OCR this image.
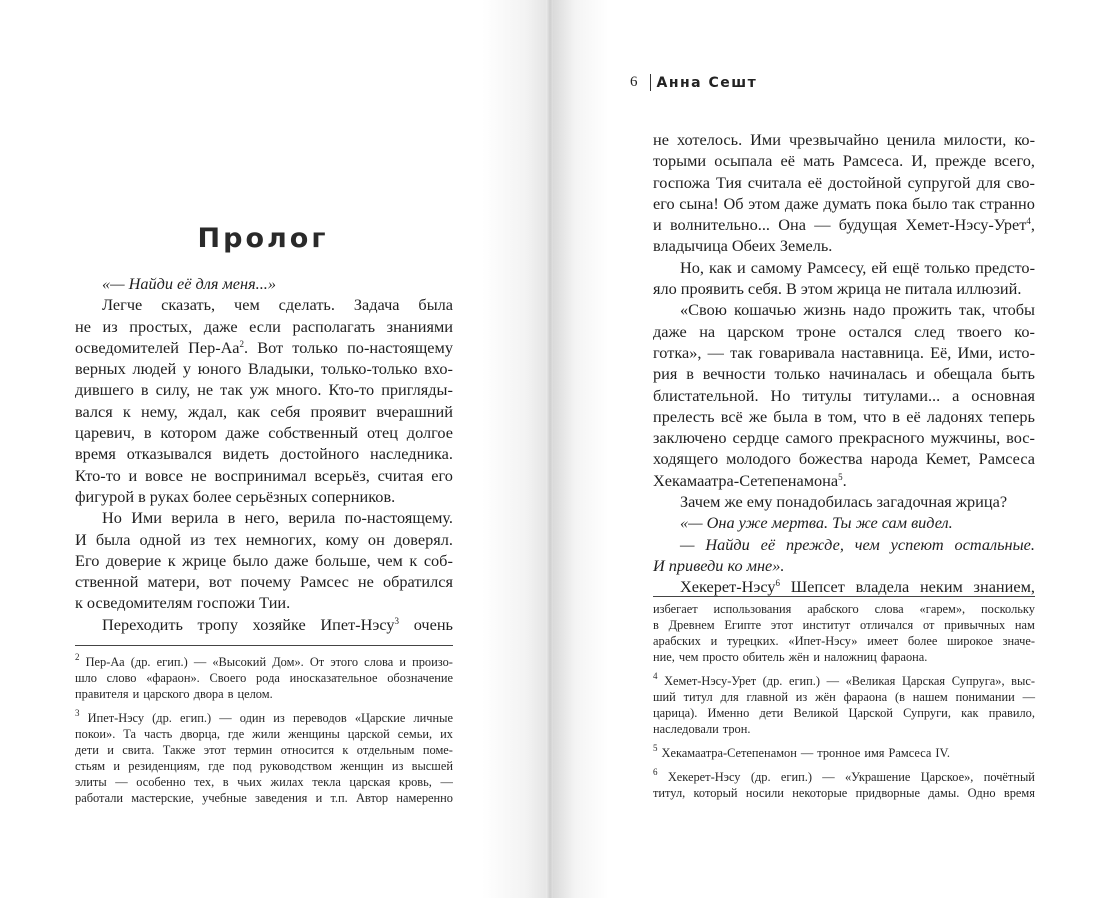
Пролог
«— Найди её для меня...»
Легче сказать, чем сделать. Задача была
не из простых, даже если располагать знаниями
осведомителей Пер-$Аа^2$. Вот только по-настоящему
верных людей у юного Владыки, только-только вхо-
дившего в силу, не так уж много. Кто-то пригляды-
вался к нему, ждал, как себя проявит вчерашний
царевич, в котором даже собственный отец долгое
время отказывался видеть достойного наследника.
Кто-то и вовсе не воспринимал всерьёз, считая его
фигурой в руках более серьёзных соперников.
Но Ими верила в него, верила по-настоящему.
И была одной из тех немногих, кому он доверял.
Его доверие к жрице было даже больше, чем к соб-
ственной матери, вот почему Рамсес не обратился
к осведомителям госпожи Тии.
Переходить тропу хозяйке Ипет-Нэсу$^3$ очень
$^2$ Пер-Аа (др. егип.) — «Высокий Дом». От этого слова и произо-
шло слово «фараон». Своего рода иносказательное обозначение
правителя и царского двора в целом.
$^3$ Ипет-Нэсу (др. егип.) — один из переводов «Царские личные
покои». Та часть дворца, где жили женщины царской семьи, их
дети и свита. Также этот термин относится к отдельным поме-
стьям и резиденциям, где под руководством женщин из высшей
элиты — особенно тех, в чьих жилах текла царская кровь, —
работали мастерские, учебные заведения и т.п. Автор намеренно
6 Анна Сешт
не хотелось. Ими чрезвычайно ценила милости, ко-
торыми осыпала её мать Рамсеса. И, прежде всего,
госпожа Тия считала её достойной супругой для сво-
его сына! Об этом даже думать пока было так странно
и волнительно... Она — будущая Хемет-Нэсу-Урет$^4$,
владычица Обеих Земель.
Но, как и самому Рамсесу, ей ещё только предсто-
яло проявить себя. В этом жрица не питала иллюзий.
«Свою кошачью жизнь надо прожить так, чтобы
даже на царском троне остался след твоего ко-
готка», — так говаривала наставница. Её, Ими, исто-
рия в вечности только начиналась и обещала быть
блистательной. Но титулы титулами... а основная
прелесть всё же была в том, что в её ладонях теперь
заключено сердце самого прекрасного мужчины, вос-
ходящего молодого божества народа Кемет, Рамсеса
Хекамаатра-Сетепенамона$^5$.
Зачем же ему понадобилась загадочная жрица?
«— Она уже мертва. Ты же сам видел.
— Найди её прежде, чем успеют остальные.
И приведи ко мне».
Хекерет-Нэсу$^6$ Шепсет владела неким знанием,
избегает использования арабского слова «гарем», поскольку
в Древнем Египте этот институт отличался от привычных нам
арабских и турецких. «Ипет-Нэсу» имеет более широкое значе-
ние, чем просто обитель жён и наложниц фараона.
$^4$ Хемет-Нэсу-Урет (др. егип.) — «Великая Царская Супруга», выс-
ший титул для главной из жён фараона (в нашем понимании —
царица). Именно дети Великой Царской Супруги, как правило,
наследовали трон.
$^5$ Хекамаатра-Сетепенамон — тронное имя Рамсеса IV.
$^6$ Хекерет-Нэсу (др. егип.) — «Украшение Царское», почётный
титул, который носили некоторые придворные дамы. Одно время
